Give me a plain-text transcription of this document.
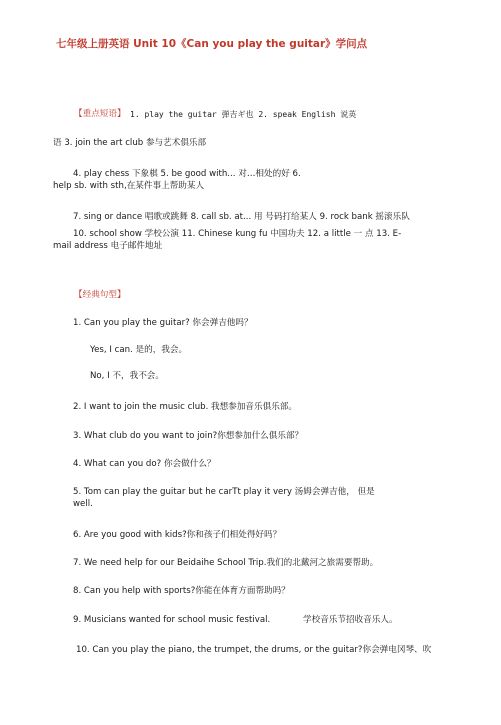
七年级上册英语 Unit 10《Can you play the guitar》学问点
【重点短语】 1. play the guitar 弹吉ギ也 2. speak English 说英
语 3. join the art club 参与艺术俱乐部
4. play chess 下象棋 5. be good with... 对…相处的好 6.
help sb. with sth,在某件事上帮助某人
7. sing or dance 唱歌或跳舞 8. call sb. at... 用 号码打给某人 9. rock bank 摇滚乐队
10. school show 学校公演 11. Chinese kung fu 中国功夫 12. a little 一 点 13. E-
mail address 电子邮件地址
【经典句型】
1. Can you play the guitar? 你会弹吉他吗？
Yes, I can. 是的，我会。
No, I 不，我不会。
2. I want to join the music club. 我想参加音乐俱乐部。
3. What club do you want to join?你想参加什么俱乐部？
4. What can you do? 你会做什么？
5. Tom can play the guitar but he carTt play it very 汤姆会弹吉他， 但是
well.
6. Are you good with kids?你和孩子们相处得好吗？
7. We need help for our Beidaihe School Trip.我们的北戴河之旅需要帮助。
8. Can you help with sports?你能在体育方面帮助吗？
9. Musicians wanted for school music festival.	学校音乐节招收音乐人。
10. Can you play the piano, the trumpet, the drums, or the guitar?你会弹电冈琴、吹
